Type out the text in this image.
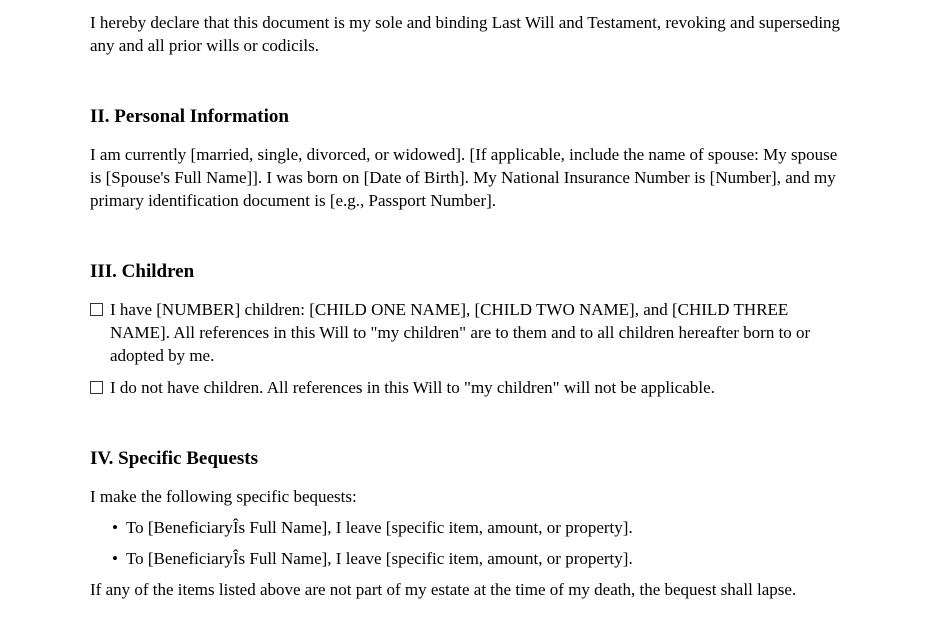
I hereby declare that this document is my sole and binding Last Will and Testament, revoking and superseding any and all prior wills or codicils.

II. Personal Information

I am currently [married, single, divorced, or widowed]. [If applicable, include the name of spouse: My spouse is [Spouse's Full Name]]. I was born on [Date of Birth]. My National Insurance Number is [Number], and my primary identification document is [e.g., Passport Number].

III. Children

I have [NUMBER] children: [CHILD ONE NAME], [CHILD TWO NAME], and [CHILD THREE NAME]. All references in this Will to "my children" are to them and to all children hereafter born to or adopted by me.

I do not have children. All references in this Will to "my children" will not be applicable.

IV. Specific Bequests

I make the following specific bequests:

• To [BeneficiaryÎs Full Name], I leave [specific item, amount, or property].

• To [BeneficiaryÎs Full Name], I leave [specific item, amount, or property].

If any of the items listed above are not part of my estate at the time of my death, the bequest shall lapse.
